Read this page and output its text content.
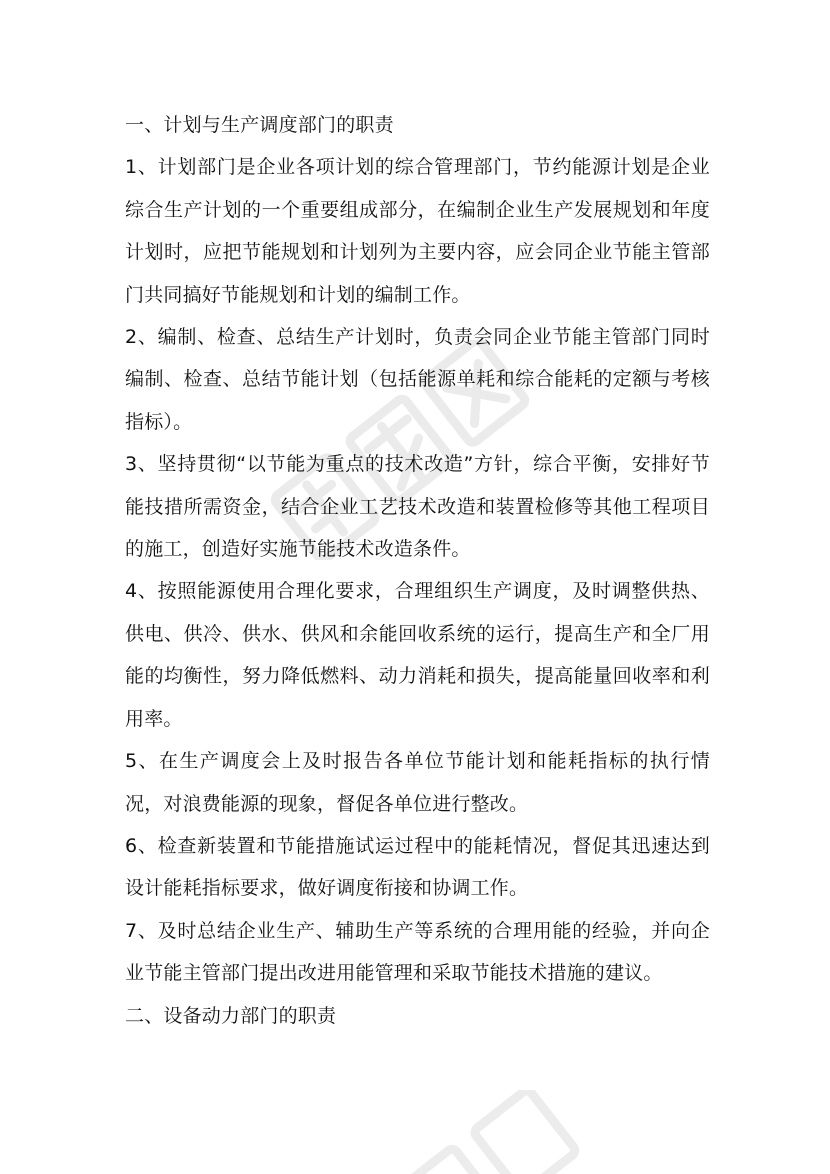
一、计划与生产调度部门的职责

1、计划部门是企业各项计划的综合管理部门，节约能源计划是企业综合生产计划的一个重要组成部分，在编制企业生产发展规划和年度计划时，应把节能规划和计划列为主要内容，应会同企业节能主管部门共同搞好节能规划和计划的编制工作。

2、编制、检查、总结生产计划时，负责会同企业节能主管部门同时编制、检查、总结节能计划（包括能源单耗和综合能耗的定额与考核指标）。

3、坚持贯彻“以节能为重点的技术改造”方针，综合平衡，安排好节能技措所需资金，结合企业工艺技术改造和装置检修等其他工程项目的施工，创造好实施节能技术改造条件。

4、按照能源使用合理化要求，合理组织生产调度，及时调整供热、供电、供冷、供水、供风和余能回收系统的运行，提高生产和全厂用能的均衡性，努力降低燃料、动力消耗和损失，提高能量回收率和利用率。

5、在生产调度会上及时报告各单位节能计划和能耗指标的执行情况，对浪费能源的现象，督促各单位进行整改。

6、检查新装置和节能措施试运过程中的能耗情况，督促其迅速达到设计能耗指标要求，做好调度衔接和协调工作。

7、及时总结企业生产、辅助生产等系统的合理用能的经验，并向企业节能主管部门提出改进用能管理和采取节能技术措施的建议。

二、设备动力部门的职责
